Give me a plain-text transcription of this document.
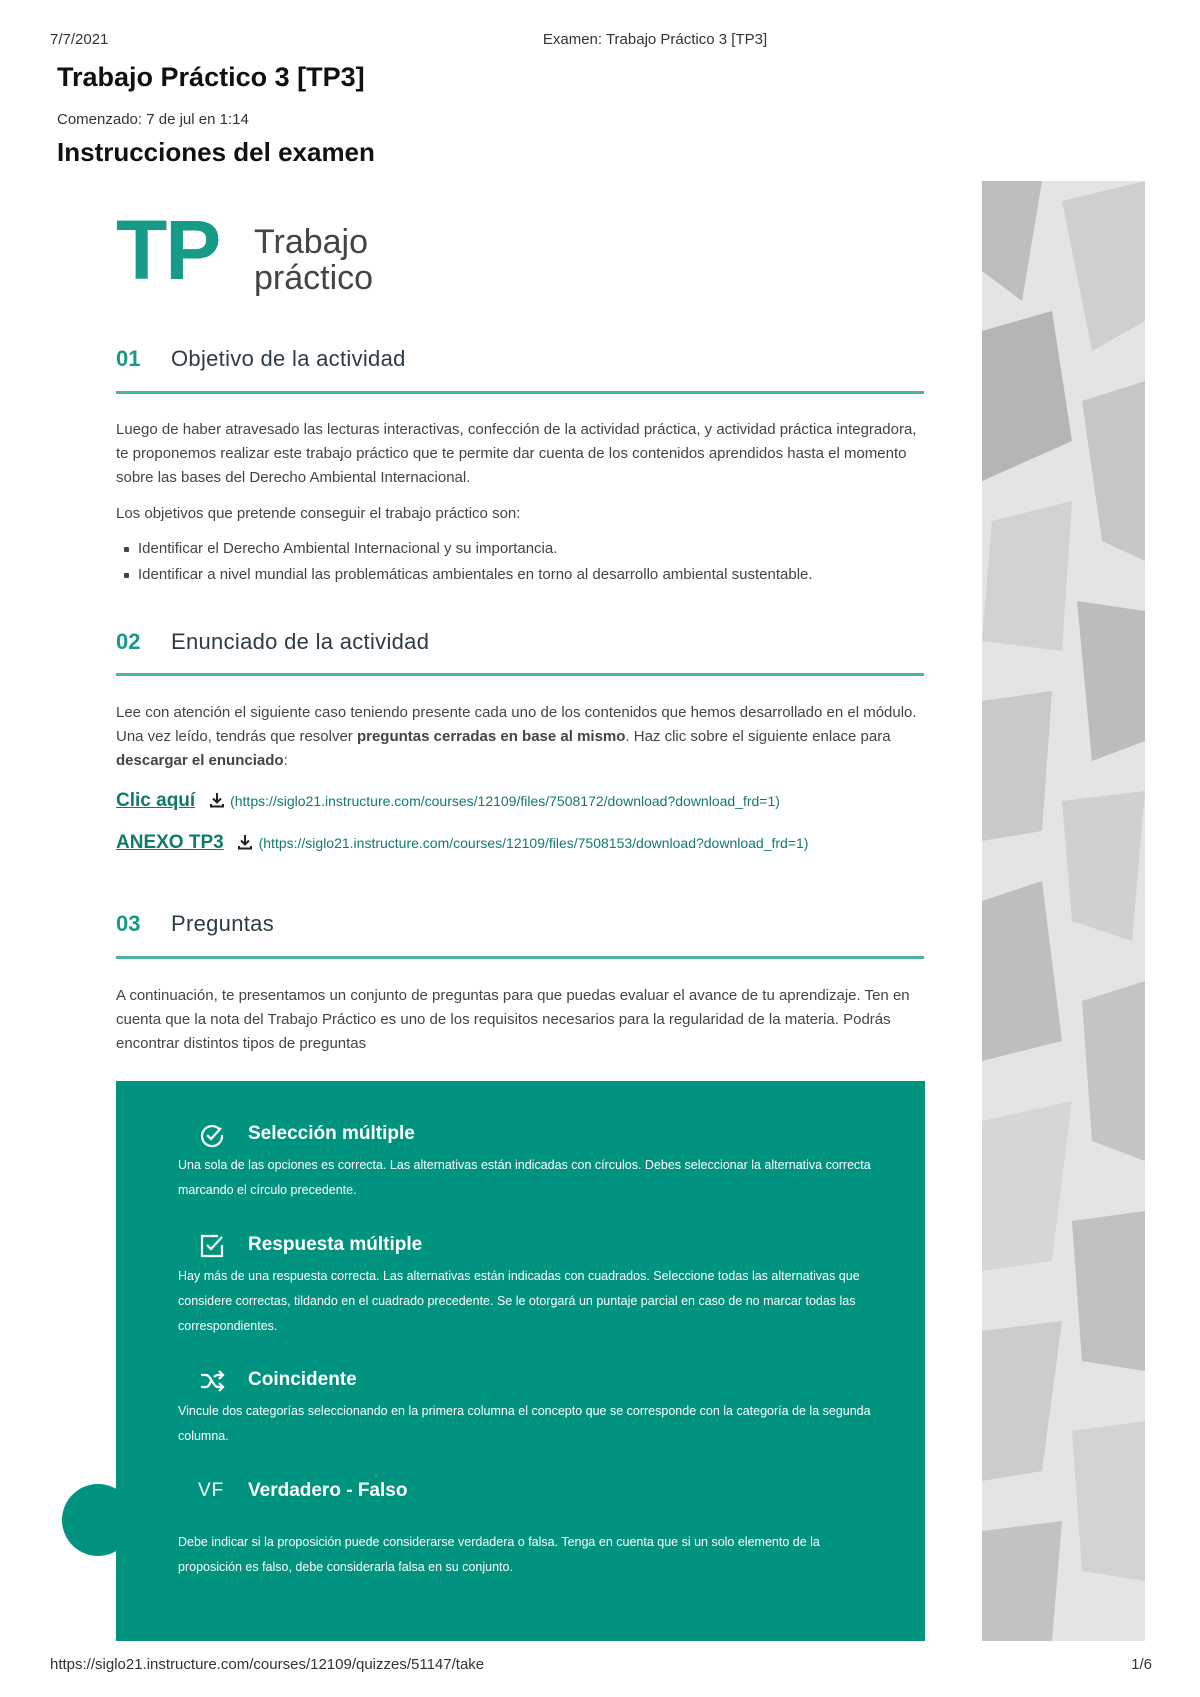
7/7/2021	Examen: Trabajo Práctico 3 [TP3]
Trabajo Práctico 3 [TP3]
Comenzado: 7 de jul en 1:14
Instrucciones del examen
TP Trabajo
práctico
01 Objetivo de la actividad

Luego de haber atravesado las lecturas interactivas, confección de la actividad práctica, y actividad práctica integradora, te proponemos realizar este trabajo práctico que te permite dar cuenta de los contenidos aprendidos hasta el momento sobre las bases del Derecho Ambiental Internacional.

Los objetivos que pretende conseguir el trabajo práctico son:

Identificar el Derecho Ambiental Internacional y su importancia.
Identificar a nivel mundial las problemáticas ambientales en torno al desarrollo ambiental sustentable.
02 Enunciado de la actividad

Lee con atención el siguiente caso teniendo presente cada uno de los contenidos que hemos desarrollado en el módulo. Una vez leído, tendrás que resolver preguntas cerradas en base al mismo. Haz clic sobre el siguiente enlace para descargar el enunciado:

Clic aquí (https://siglo21.instructure.com/courses/12109/files/7508172/download?download_frd=1)
ANEXO TP3 (https://siglo21.instructure.com/courses/12109/files/7508153/download?download_frd=1)
03 Preguntas

A continuación, te presentamos un conjunto de preguntas para que puedas evaluar el avance de tu aprendizaje. Ten en cuenta que la nota del Trabajo Práctico es uno de los requisitos necesarios para la regularidad de la materia. Podrás encontrar distintos tipos de preguntas

Selección múltiple

Una sola de las opciones es correcta. Las alternativas están indicadas con círculos. Debes seleccionar la alternativa correcta marcando el círculo precedente.

Respuesta múltiple

Hay más de una respuesta correcta. Las alternativas están indicadas con cuadrados. Seleccione todas las alternativas que considere correctas, tildando en el cuadrado precedente. Se le otorgará un puntaje parcial en caso de no marcar todas las correspondientes.

Coincidente

Vincule dos categorías seleccionando en la primera columna el concepto que se corresponde con la categoría de la segunda columna.

VF Verdadero - Falso

Debe indicar si la proposición puede considerarse verdadera o falsa. Tenga en cuenta que si un solo elemento de la proposición es falso, debe considerarla falsa en su conjunto.

https://siglo21.instructure.com/courses/12109/quizzes/51147/take	1/6
